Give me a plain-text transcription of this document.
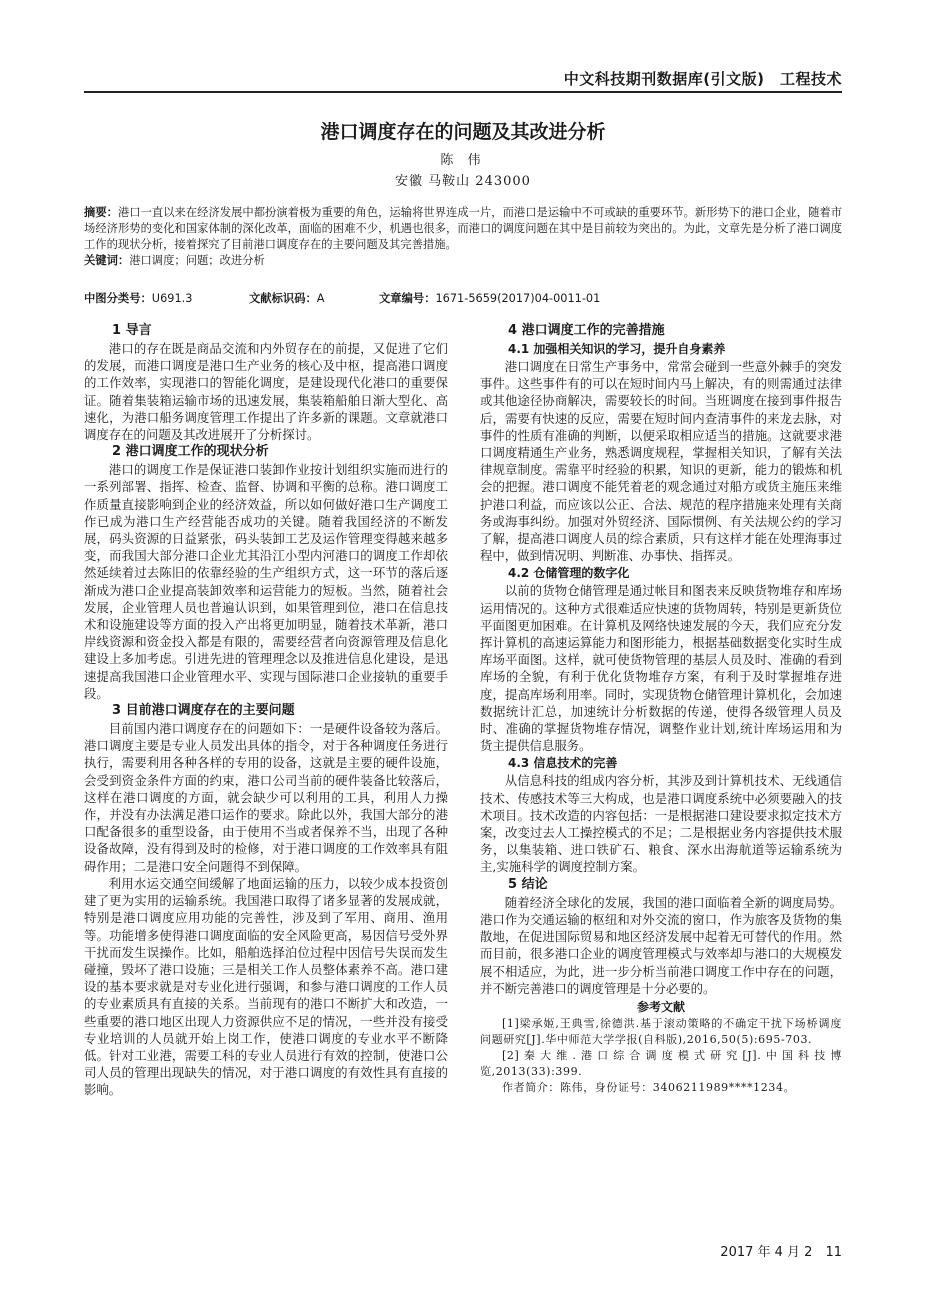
中文科技期刊数据库(引文版)　工程技术
港口调度存在的问题及其改进分析
陈 伟
安徽 马鞍山 243000
摘要：港口一直以来在经济发展中都扮演着极为重要的角色，运输将世界连成一片，而港口是运输中不可或缺的重要环节。新形势下的港口企业，随着市场经济形势的变化和国家体制的深化改革，面临的困难不少，机遇也很多，而港口的调度问题在其中是目前较为突出的。为此，文章先是分析了港口调度工作的现状分析，接着探究了目前港口调度存在的主要问题及其完善措施。
关键词：港口调度；问题；改进分析
中图分类号：U691.3	文献标识码：A	文章编号：1671-5659(2017)04-0011-01
1 导言

港口的存在既是商品交流和内外贸存在的前提，又促进了它们的发展，而港口调度是港口生产业务的核心及中枢，提高港口调度的工作效率，实现港口的智能化调度，是建设现代化港口的重要保证。随着集装箱运输市场的迅速发展，集装箱船舶日渐大型化、高速化，为港口船务调度管理工作提出了许多新的课题。文章就港口调度存在的问题及其改进展开了分析探讨。

2 港口调度工作的现状分析

港口的调度工作是保证港口装卸作业按计划组织实施而进行的一系列部署、指挥、检查、监督、协调和平衡的总称。港口调度工作质量直接影响到企业的经济效益，所以如何做好港口生产调度工作已成为港口生产经营能否成功的关键。随着我国经济的不断发展，码头资源的日益紧张，码头装卸工艺及运作管理变得越来越多变，而我国大部分港口企业尤其沿江小型内河港口的调度工作却依然延续着过去陈旧的依靠经验的生产组织方式，这一环节的落后逐渐成为港口企业提高装卸效率和运营能力的短板。当然，随着社会发展，企业管理人员也普遍认识到，如果管理到位，港口在信息技术和设施建设等方面的投入产出将更加明显，随着技术革新，港口岸线资源和资金投入都是有限的，需要经营者向资源管理及信息化建设上多加考虑。引进先进的管理理念以及推进信息化建设，是迅速提高我国港口企业管理水平、实现与国际港口企业接轨的重要手段。

3 目前港口调度存在的主要问题

目前国内港口调度存在的问题如下：一是硬件设备较为落后。港口调度主要是专业人员发出具体的指令，对于各种调度任务进行执行，需要利用各种各样的专用的设备，这就是主要的硬件设施，会受到资金条件方面的约束，港口公司当前的硬件装备比较落后，这样在港口调度的方面，就会缺少可以利用的工具，利用人力操作，并没有办法满足港口运作的要求。除此以外，我国大部分的港口配备很多的重型设备，由于使用不当或者保养不当，出现了各种设备故障，没有得到及时的检修，对于港口调度的工作效率具有阻碍作用；二是港口安全问题得不到保障。

利用水运交通空间缓解了地面运输的压力，以较少成本投资创建了更为实用的运输系统。我国港口取得了诸多显著的发展成就，特别是港口调度应用功能的完善性，涉及到了军用、商用、渔用等。功能增多使得港口调度面临的安全风险更高，易因信号受外界干扰而发生误操作。比如，船舶选择泊位过程中因信号失误而发生碰撞，毁坏了港口设施；三是相关工作人员整体素养不高。港口建设的基本要求就是对专业化进行强调，和参与港口调度的工作人员的专业素质具有直接的关系。当前现有的港口不断扩大和改造，一些重要的港口地区出现人力资源供应不足的情况，一些并没有接受专业培训的人员就开始上岗工作，使港口调度的专业水平不断降低。针对工业港，需要工科的专业人员进行有效的控制，使港口公司人员的管理出现缺失的情况，对于港口调度的有效性具有直接的影响。

4 港口调度工作的完善措施
4.1 加强相关知识的学习，提升自身素养

港口调度在日常生产事务中，常常会碰到一些意外棘手的突发事件。这些事件有的可以在短时间内马上解决，有的则需通过法律或其他途径协商解决，需要较长的时间。当班调度在接到事件报告后，需要有快速的反应，需要在短时间内查清事件的来龙去脉，对事件的性质有准确的判断，以便采取相应适当的措施。这就要求港口调度精通生产业务，熟悉调度规程，掌握相关知识，了解有关法律规章制度。需靠平时经验的积累，知识的更新，能力的锻炼和机会的把握。港口调度不能凭着老的观念通过对船方或货主施压来维护港口利益，而应该以公正、合法、规范的程序措施来处理有关商务或海事纠纷。加强对外贸经济、国际惯例、有关法规公约的学习了解，提高港口调度人员的综合素质，只有这样才能在处理海事过程中，做到情况明、判断准、办事快、指挥灵。

4.2 仓储管理的数字化

以前的货物仓储管理是通过帐目和图表来反映货物堆存和库场运用情况的。这种方式很难适应快速的货物周转，特别是更新货位平面图更加困难。在计算机及网络快速发展的今天，我们应充分发挥计算机的高速运算能力和图形能力，根据基础数据变化实时生成库场平面图。这样，就可使货物管理的基层人员及时、准确的看到库场的全貌，有利于优化货物堆存方案，有利于及时掌握堆存进度，提高库场利用率。同时，实现货物仓储管理计算机化，会加速数据统计汇总，加速统计分析数据的传递，使得各级管理人员及时、准确的掌握货物堆存情况，调整作业计划,统计库场运用和为货主提供信息服务。

4.3 信息技术的完善

从信息科技的组成内容分析，其涉及到计算机技术、无线通信技术、传感技术等三大构成，也是港口调度系统中必须要融入的技术项目。技术改造的内容包括：一是根据港口建设要求拟定技术方案，改变过去人工操控模式的不足；二是根据业务内容提供技术服务，以集装箱、进口铁矿石、粮食、深水出海航道等运输系统为主,实施科学的调度控制方案。

5 结论

随着经济全球化的发展，我国的港口面临着全新的调度局势。港口作为交通运输的枢纽和对外交流的窗口，作为旅客及货物的集散地，在促进国际贸易和地区经济发展中起着无可替代的作用。然而目前，很多港口企业的调度管理模式与效率却与港口的大规模发展不相适应，为此，进一步分析当前港口调度工作中存在的问题，并不断完善港口的调度管理是十分必要的。

参考文献

[1]梁承姬,王典雪,徐德洪.基于滚动策略的不确定干扰下场桥调度问题研究[J].华中师范大学学报(自科版),2016,50(5):695-703.

[2]秦大维.港口综合调度模式研究[J].中国科技博览,2013(33):399.

作者简介：陈伟，身份证号：3406211989****1234。

2017 年 4 月 2　11
